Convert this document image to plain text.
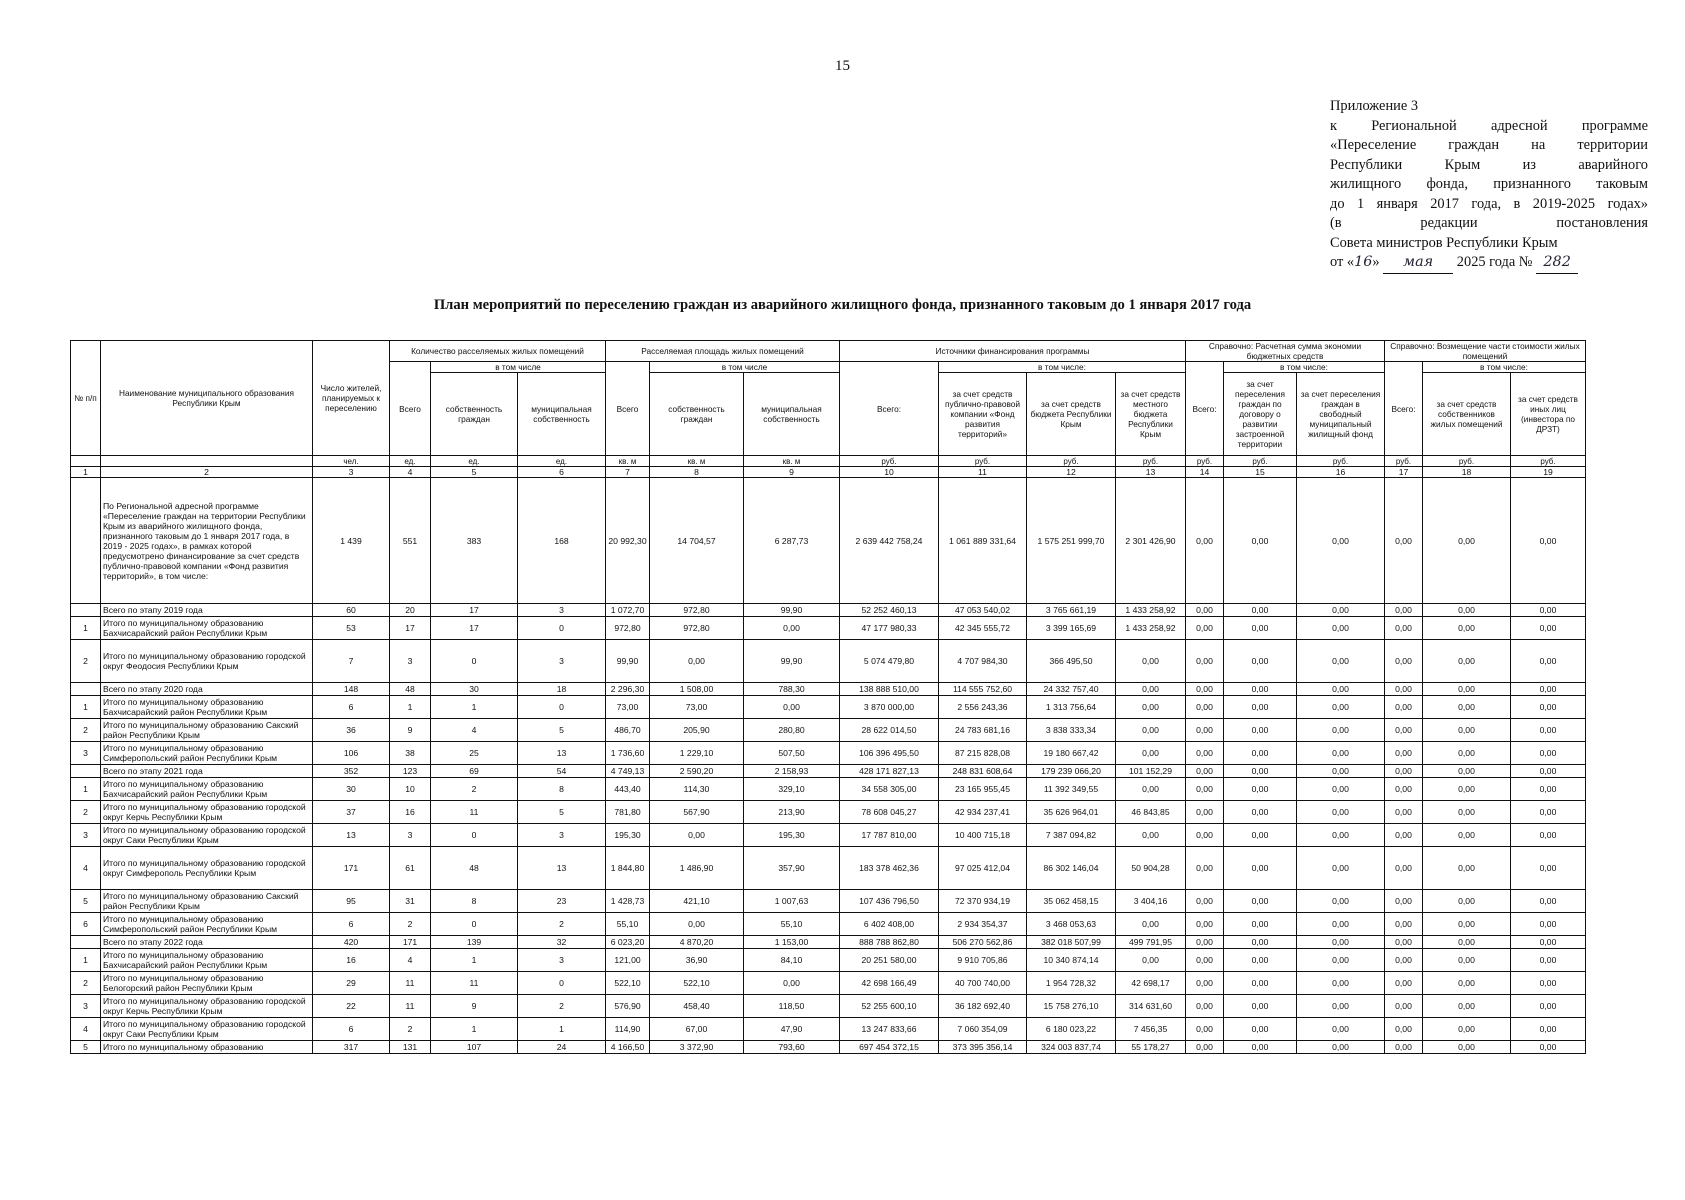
15
Приложение 3
к Региональной адресной программе
«Переселение граждан на территории
Республики Крым из аварийного
жилищного фонда, признанного таковым
до 1 января 2017 года, в 2019-2025 годах»
(в редакции постановления
Совета министров Республики Крым
от «16» мая 2025 года № 282
План мероприятий по переселению граждан из аварийного жилищного фонда, признанного таковым до 1 января 2017 года
№ п/п	Наименование муниципального образования Республики Крым	Число жителей, планируемых к переселению	Количество расселяемых жилых помещений			Расселяемая площадь жилых помещений			Источники финансирования программы				Справочно: Расчетная сумма экономии бюджетных средств			Справочно: Возмещение части стоимости жилых помещений		
			Всего	в том числе		Всего	в том числе		Всего:	в том числе:			Всего:	в том числе:		Всего:	в том числе:	
				собственность граждан	муниципальная собственность		собственность граждан	муниципальная собственность		за счет средств публично-правовой компании «Фонд развития территорий»	за счет средств бюджета Республики Крым	за счет средств местного бюджета Республики Крым		за счет переселения граждан по договору о развитии застроенной территории	за счет переселения граждан в свободный муниципальный жилищный фонд		за счет средств собственников жилых помещений	за счет средств иных лиц (инвестора по ДРЗТ)
		чел.	ед.	ед.	ед.	кв. м	кв. м	кв. м	руб.	руб.	руб.	руб.	руб.	руб.	руб.	руб.	руб.	руб.
1	2	3	4	5	6	7	8	9	10	11	12	13	14	15	16	17	18	19
	По Региональной адресной программе «Переселение граждан на территории Республики Крым из аварийного жилищного фонда, признанного таковым до 1 января 2017 года, в 2019 - 2025 годах», в рамках которой предусмотрено финансирование за счет средств публично-правовой компании «Фонд развития территорий», в том числе:	1 439	551	383	168	20 992,30	14 704,57	6 287,73	2 639 442 758,24	1 061 889 331,64	1 575 251 999,70	2 301 426,90	0,00	0,00	0,00	0,00	0,00	0,00
	Всего по этапу 2019 года	60	20	17	3	1 072,70	972,80	99,90	52 252 460,13	47 053 540,02	3 765 661,19	1 433 258,92	0,00	0,00	0,00	0,00	0,00	0,00
1	Итого по муниципальному образованию Бахчисарайский район Республики Крым	53	17	17	0	972,80	972,80	0,00	47 177 980,33	42 345 555,72	3 399 165,69	1 433 258,92	0,00	0,00	0,00	0,00	0,00	0,00
2	Итого по муниципальному образованию городской округ Феодосия Республики Крым	7	3	0	3	99,90	0,00	99,90	5 074 479,80	4 707 984,30	366 495,50	0,00	0,00	0,00	0,00	0,00	0,00	0,00
	Всего по этапу 2020 года	148	48	30	18	2 296,30	1 508,00	788,30	138 888 510,00	114 555 752,60	24 332 757,40	0,00	0,00	0,00	0,00	0,00	0,00	0,00
1	Итого по муниципальному образованию Бахчисарайский район Республики Крым	6	1	1	0	73,00	73,00	0,00	3 870 000,00	2 556 243,36	1 313 756,64	0,00	0,00	0,00	0,00	0,00	0,00	0,00
2	Итого по муниципальному образованию Сакский район Республики Крым	36	9	4	5	486,70	205,90	280,80	28 622 014,50	24 783 681,16	3 838 333,34	0,00	0,00	0,00	0,00	0,00	0,00	0,00
3	Итого по муниципальному образованию Симферопольский район Республики Крым	106	38	25	13	1 736,60	1 229,10	507,50	106 396 495,50	87 215 828,08	19 180 667,42	0,00	0,00	0,00	0,00	0,00	0,00	0,00
	Всего по этапу 2021 года	352	123	69	54	4 749,13	2 590,20	2 158,93	428 171 827,13	248 831 608,64	179 239 066,20	101 152,29	0,00	0,00	0,00	0,00	0,00	0,00
1	Итого по муниципальному образованию Бахчисарайский район Республики Крым	30	10	2	8	443,40	114,30	329,10	34 558 305,00	23 165 955,45	11 392 349,55	0,00	0,00	0,00	0,00	0,00	0,00	0,00
2	Итого по муниципальному образованию городской округ Керчь Республики Крым	37	16	11	5	781,80	567,90	213,90	78 608 045,27	42 934 237,41	35 626 964,01	46 843,85	0,00	0,00	0,00	0,00	0,00	0,00
3	Итого по муниципальному образованию городской округ Саки Республики Крым	13	3	0	3	195,30	0,00	195,30	17 787 810,00	10 400 715,18	7 387 094,82	0,00	0,00	0,00	0,00	0,00	0,00	0,00
4	Итого по муниципальному образованию городской округ Симферополь Республики Крым	171	61	48	13	1 844,80	1 486,90	357,90	183 378 462,36	97 025 412,04	86 302 146,04	50 904,28	0,00	0,00	0,00	0,00	0,00	0,00
5	Итого по муниципальному образованию Сакский район Республики Крым	95	31	8	23	1 428,73	421,10	1 007,63	107 436 796,50	72 370 934,19	35 062 458,15	3 404,16	0,00	0,00	0,00	0,00	0,00	0,00
6	Итого по муниципальному образованию Симферопольский район Республики Крым	6	2	0	2	55,10	0,00	55,10	6 402 408,00	2 934 354,37	3 468 053,63	0,00	0,00	0,00	0,00	0,00	0,00	0,00
	Всего по этапу 2022 года	420	171	139	32	6 023,20	4 870,20	1 153,00	888 788 862,80	506 270 562,86	382 018 507,99	499 791,95	0,00	0,00	0,00	0,00	0,00	0,00
1	Итого по муниципальному образованию Бахчисарайский район Республики Крым	16	4	1	3	121,00	36,90	84,10	20 251 580,00	9 910 705,86	10 340 874,14	0,00	0,00	0,00	0,00	0,00	0,00	0,00
2	Итого по муниципальному образованию Белогорский район Республики Крым	29	11	11	0	522,10	522,10	0,00	42 698 166,49	40 700 740,00	1 954 728,32	42 698,17	0,00	0,00	0,00	0,00	0,00	0,00
3	Итого по муниципальному образованию городской округ Керчь Республики Крым	22	11	9	2	576,90	458,40	118,50	52 255 600,10	36 182 692,40	15 758 276,10	314 631,60	0,00	0,00	0,00	0,00	0,00	0,00
4	Итого по муниципальному образованию городской округ Саки Республики Крым	6	2	1	1	114,90	67,00	47,90	13 247 833,66	7 060 354,09	6 180 023,22	7 456,35	0,00	0,00	0,00	0,00	0,00	0,00
5	Итого по муниципальному образованию	317	131	107	24	4 166,50	3 372,90	793,60	697 454 372,15	373 395 356,14	324 003 837,74	55 178,27	0,00	0,00	0,00	0,00	0,00	0,00
